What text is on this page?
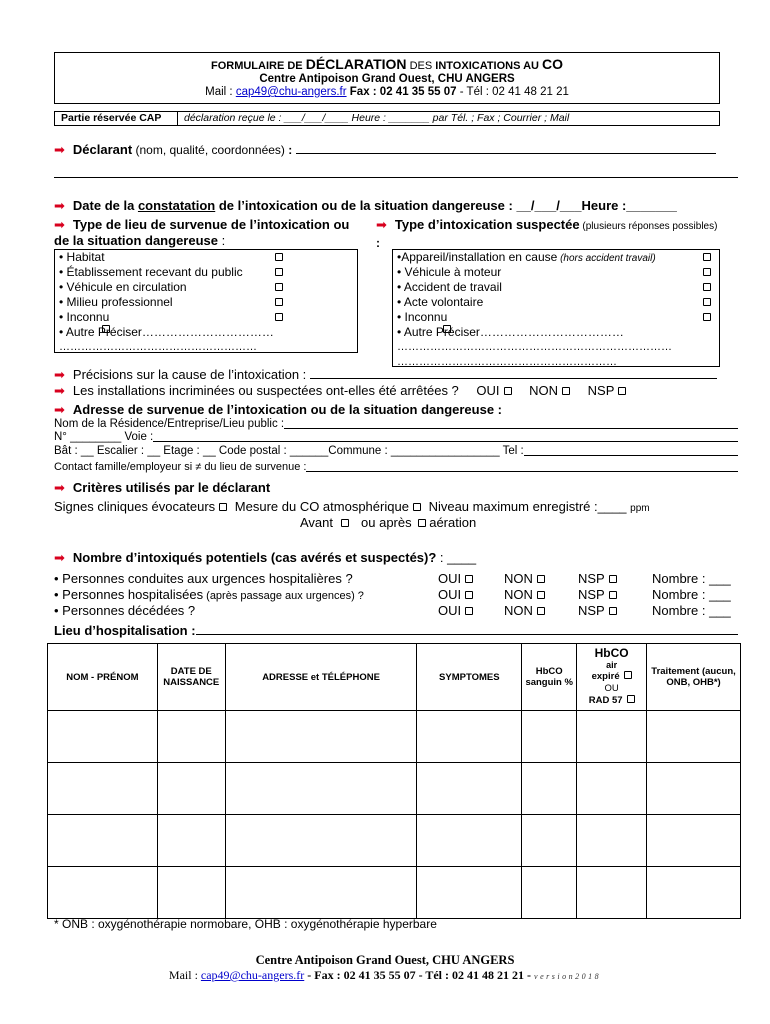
FORMULAIRE DE DÉCLARATION DES INTOXICATIONS AU CO
Centre Antipoison Grand Ouest, CHU ANGERS
Mail : cap49@chu-angers.fr Fax : 02 41 35 55 07 - Tél : 02 41 48 21 21
Partie réservée CAP	déclaration reçue le : ___/___/____ Heure : _______ par Tél. ; Fax ; Courrier ; Mail
➡ Déclarant (nom, qualité, coordonnées) :
➡ Date de la constatation de l’intoxication ou de la situation dangereuse : __/___/___Heure :_______
➡ Type de lieu de survenue de l’intoxication ou de la situation dangereuse :
➡ Type d’intoxication suspectée (plusieurs réponses possibles) :
• Habitat
• Établissement recevant du public
• Véhicule en circulation
• Milieu professionnel
• Inconnu
• Autre
Préciser……………………………
………………………………………………
•Appareil/installation en cause (hors accident travail)
• Véhicule à moteur
• Accident de travail
• Acte volontaire
• Inconnu
• Autre
Préciser………………………………
…………………………………………………………………
……………………………………………………
➡ Précisions sur la cause de l’intoxication :
➡ Les installations incriminées ou suspectées ont-elles été arrêtées ? OUI NON NSP
➡ Adresse de survenue de l’intoxication ou de la situation dangereuse :
Nom de la Résidence/Entreprise/Lieu public :
N° ________ Voie :
Bât : __ Escalier : __ Etage : __ Code postal : ______Commune : _________________ Tel :
Contact famille/employeur si ≠ du lieu de survenue :
➡ Critères utilisés par le déclarant
Signes cliniques évocateurs Mesure du CO atmosphérique Niveau maximum enregistré :____ ppm
Avant ou après aération
➡ Nombre d’intoxiqués potentiels (cas avérés et suspectés)? : ____
• Personnes conduites aux urgences hospitalières ?	OUI	NON	NSP	Nombre : ___
• Personnes hospitalisées (après passage aux urgences) ?	OUI	NON	NSP	Nombre : ___
• Personnes décédées ?	OUI	NON	NSP	Nombre : ___
Lieu d’hospitalisation :
NOM - PRÉNOM	DATE DE NAISSANCE	ADRESSE et TÉLÉPHONE	SYMPTOMES	HbCO sanguin %	HbCO
air
expiré
OU
RAD 57	Traitement (aucun, ONB, OHB*)

* ONB : oxygénothérapie normobare, OHB : oxygénothérapie hyperbare
Centre Antipoison Grand Ouest, CHU ANGERS
Mail : cap49@chu-angers.fr - Fax : 02 41 35 55 07 - Tél : 02 41 48 21 21 - version2018
